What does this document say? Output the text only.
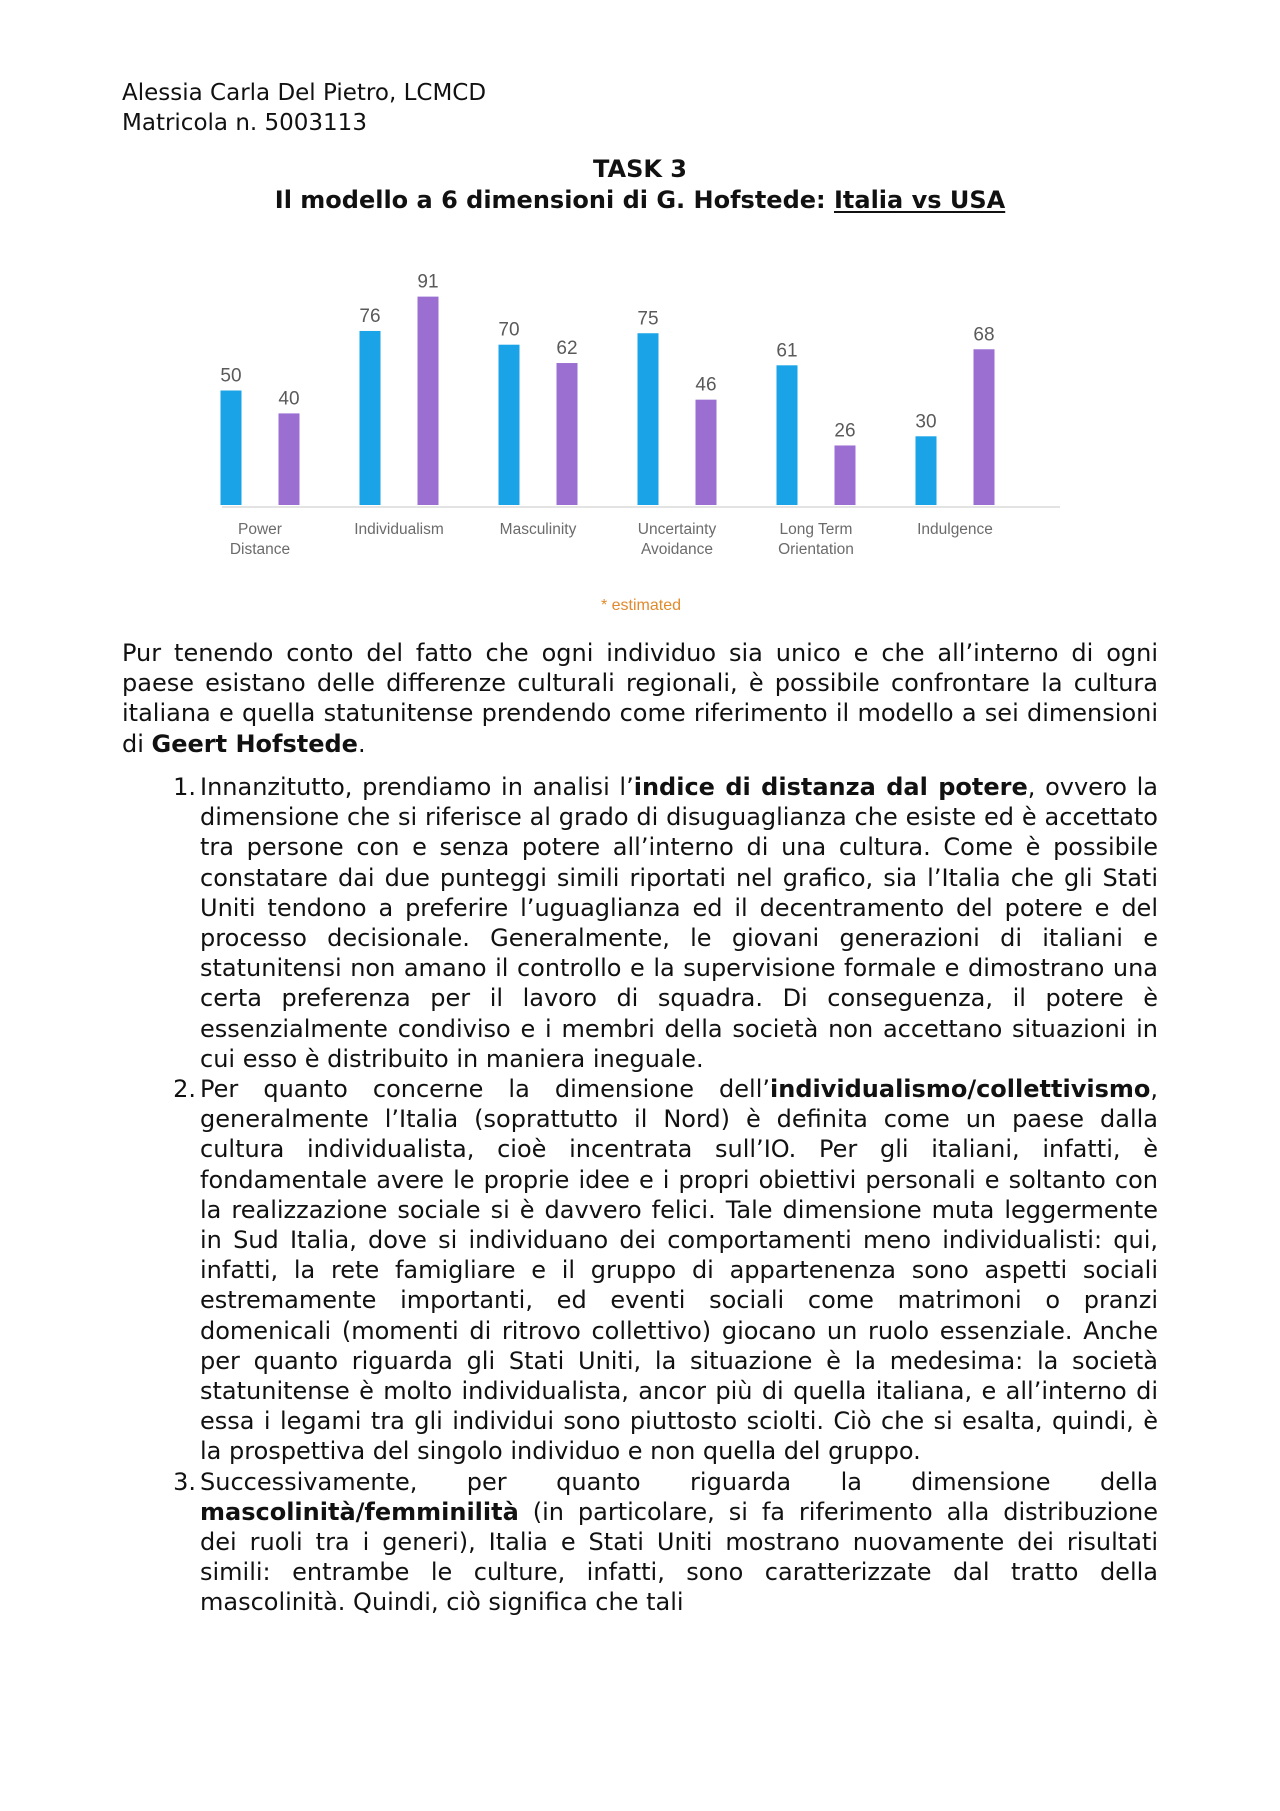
Alessia Carla Del Pietro, LCMCD
Matricola n. 5003113
TASK 3
Il modello a 6 dimensioni di G. Hofstede: Italia vs USA
50
40
Power
Distance
76
91
Individualism
70
62
Masculinity
75
46
Uncertainty
Avoidance
61
26
Long Term
Orientation
30
68
Indulgence
* estimated

Pur tenendo conto del fatto che ogni individuo sia unico e che all’interno di ogni paese esistano delle differenze culturali regionali, è possibile confrontare la cultura italiana e quella statunitense prendendo come riferimento il modello a sei dimensioni di Geert Hofstede.

1. Innanzitutto, prendiamo in analisi l’indice di distanza dal potere, ovvero la dimensione che si riferisce al grado di disuguaglianza che esiste ed è accettato tra persone con e senza potere all’interno di una cultura. Come è possibile constatare dai due punteggi simili riportati nel grafico, sia l’Italia che gli Stati Uniti tendono a preferire l’uguaglianza ed il decentramento del potere e del processo decisionale. Generalmente, le giovani generazioni di italiani e statunitensi non amano il controllo e la supervisione formale e dimostrano una certa preferenza per il lavoro di squadra. Di conseguenza, il potere è essenzialmente condiviso e i membri della società non accettano situazioni in cui esso è distribuito in maniera ineguale.
2. Per quanto concerne la dimensione dell’individualismo/collettivismo, generalmente l’Italia (soprattutto il Nord) è definita come un paese dalla cultura individualista, cioè incentrata sull’IO. Per gli italiani, infatti, è fondamentale avere le proprie idee e i propri obiettivi personali e soltanto con la realizzazione sociale si è davvero felici. Tale dimensione muta leggermente in Sud Italia, dove si individuano dei comportamenti meno individualisti: qui, infatti, la rete famigliare e il gruppo di appartenenza sono aspetti sociali estremamente importanti, ed eventi sociali come matrimoni o pranzi domenicali (momenti di ritrovo collettivo) giocano un ruolo essenziale. Anche per quanto riguarda gli Stati Uniti, la situazione è la medesima: la società statunitense è molto individualista, ancor più di quella italiana, e all’interno di essa i legami tra gli individui sono piuttosto sciolti. Ciò che si esalta, quindi, è la prospettiva del singolo individuo e non quella del gruppo.
3. Successivamente, per quanto riguarda la dimensione della mascolinità/femminilità (in particolare, si fa riferimento alla distribuzione dei ruoli tra i generi), Italia e Stati Uniti mostrano nuovamente dei risultati simili: entrambe le culture, infatti, sono caratterizzate dal tratto della mascolinità. Quindi, ciò significa che tali
